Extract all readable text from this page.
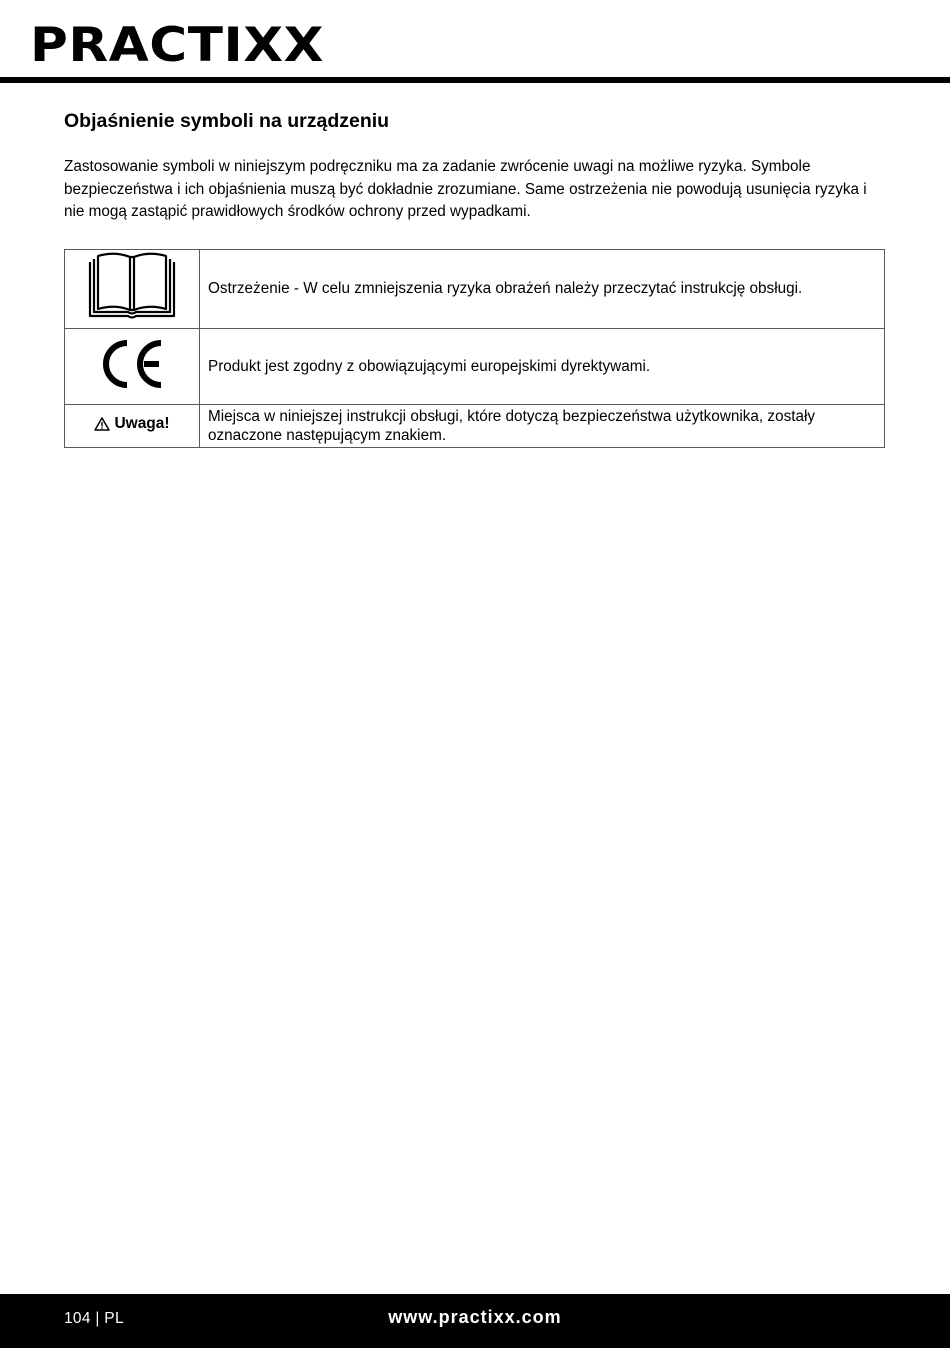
PRACTIXX
Objaśnienie symboli na urządzeniu

Zastosowanie symboli w niniejszym podręczniku ma za zadanie zwrócenie uwagi na możliwe ryzyka. Symbole bezpieczeństwa i ich objaśnienia muszą być dokładnie zrozumiane. Same ostrzeżenia nie powodują usunięcia ryzyka i nie mogą zastąpić prawidłowych środków ochrony przed wypadkami.

	Ostrzeżenie - W celu zmniejszenia ryzyka obrażeń należy przeczytać instrukcję obsługi.
	Produkt jest zgodny z obowiązującymi europejskimi dyrektywami.

Uwaga!	Miejsca w niniejszej instrukcji obsługi, które dotyczą bezpieczeństwa użytkownika, zostały oznaczone następującym znakiem.
104 | PL	www.practixx.com
